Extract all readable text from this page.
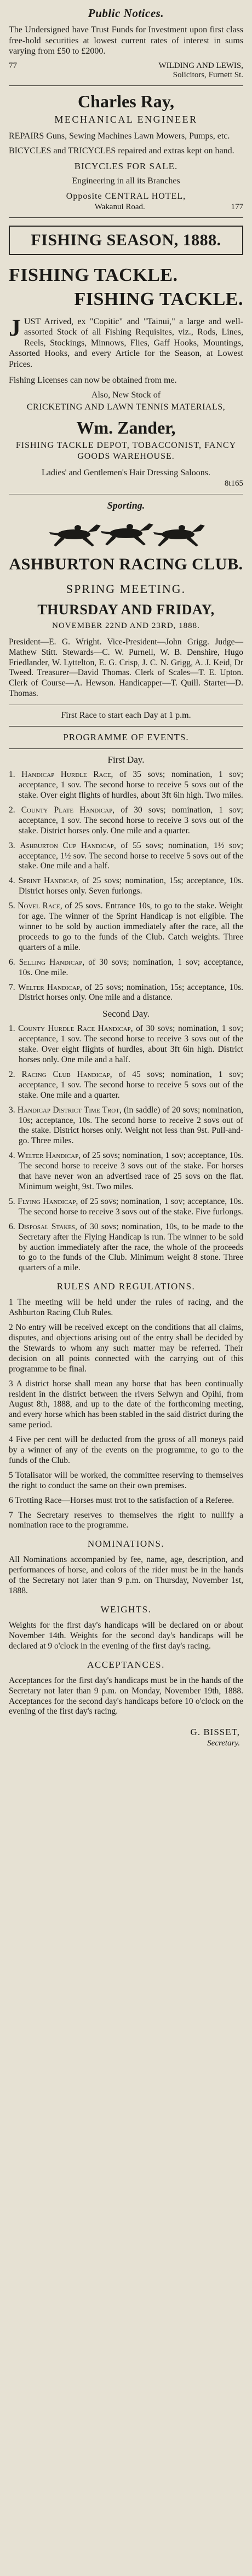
Public Notices.

The Undersigned have Trust Funds for Investment upon first class free-hold securities at lowest current rates of interest in sums varying from £50 to £2000.

77	WILDING AND LEWIS,
Solicitors, Furnett St.
Charles Ray,
MECHANICAL ENGINEER

REPAIRS Guns, Sewing Machines Lawn Mowers, Pumps, etc.

BICYCLES and TRICYCLES repaired and extras kept on hand.

BICYCLES FOR SALE.
Engineering in all its Branches
Opposite CENTRAL HOTEL,
Wakanui Road.	177
FISHING SEASON, 1888.
FISHING TACKLE.
FISHING TACKLE.

JUST Arrived, ex "Copitic" and "Tainui," a large and well-assorted Stock of all Fishing Requisites, viz., Rods, Lines, Reels, Stockings, Minnows, Flies, Gaff Hooks, Mountings, Assorted Hooks, and every Article for the Season, at Lowest Prices.

Fishing Licenses can now be obtained from me.

Also, New Stock of
CRICKETING AND LAWN TENNIS MATERIALS,
Wm. Zander,
FISHING TACKLE DEPOT, TOBACCONIST, FANCY GOODS WAREHOUSE.
Ladies' and Gentlemen's Hair Dressing Saloons.
8t165
Sporting.
ASHBURTON RACING CLUB.
SPRING MEETING.
THURSDAY AND FRIDAY,
NOVEMBER 22ND AND 23RD, 1888.

President—E. G. Wright. Vice-President—John Grigg. Judge—Mathew Stitt. Stewards—C. W. Purnell, W. B. Denshire, Hugo Friedlander, W. Lyttelton, E. G. Crisp, J. C. N. Grigg, A. J. Keid, Dr Tweed. Treasurer—David Thomas. Clerk of Scales—T. E. Upton. Clerk of Course—A. Hewson. Handicapper—T. Quill. Starter—D. Thomas.

First Race to start each Day at 1 p.m.
PROGRAMME OF EVENTS.
First Day.

1. Handicap Hurdle Race, of 35 sovs; nomination, 1 sov; acceptance, 1 sov. The second horse to receive 5 sovs out of the stake. Over eight flights of hurdles, about 3ft 6in high. Two miles.

2. County Plate Handicap, of 30 sovs; nomination, 1 sov; acceptance, 1 sov. The second horse to receive 3 sovs out of the stake. District horses only. One mile and a quarter.

3. Ashburton Cup Handicap, of 55 sovs; nomination, 1½ sov; acceptance, 1½ sov. The second horse to receive 5 sovs out of the stake. One mile and a half.

4. Sprint Handicap, of 25 sovs; nomination, 15s; acceptance, 10s. District horses only. Seven furlongs.

5. Novel Race, of 25 sovs. Entrance 10s, to go to the stake. Weight for age. The winner of the Sprint Handicap is not eligible. The winner to be sold by auction immediately after the race, all the proceeds to go to the funds of the Club. Catch weights. Three quarters of a mile.

6. Selling Handicap, of 30 sovs; nomination, 1 sov; acceptance, 10s. One mile.

7. Welter Handicap, of 25 sovs; nomination, 15s; acceptance, 10s. District horses only. One mile and a distance.

Second Day.

1. County Hurdle Race Handicap, of 30 sovs; nomination, 1 sov; acceptance, 1 sov. The second horse to receive 3 sovs out of the stake. Over eight flights of hurdles, about 3ft 6in high. District horses only. One mile and a half.

2. Racing Club Handicap, of 45 sovs; nomination, 1 sov; acceptance, 1 sov. The second horse to receive 5 sovs out of the stake. One mile and a quarter.

3. Handicap District Time Trot, (in saddle) of 20 sovs; nomination, 10s; acceptance, 10s. The second horse to receive 2 sovs out of the stake. District horses only. Weight not less than 9st. Pull-and-go. Three miles.

4. Welter Handicap, of 25 sovs; nomination, 1 sov; acceptance, 10s. The second horse to receive 3 sovs out of the stake. For horses that have never won an advertised race of 25 sovs on the flat. Minimum weight, 9st. Two miles.

5. Flying Handicap, of 25 sovs; nomination, 1 sov; acceptance, 10s. The second horse to receive 3 sovs out of the stake. Five furlongs.

6. Disposal Stakes, of 30 sovs; nomination, 10s, to be made to the Secretary after the Flying Handicap is run. The winner to be sold by auction immediately after the race, the whole of the proceeds to go to the funds of the Club. Minimum weight 8 stone. Three quarters of a mile.

RULES AND REGULATIONS.

1 The meeting will be held under the rules of racing, and the Ashburton Racing Club Rules.

2 No entry will be received except on the conditions that all claims, disputes, and objections arising out of the entry shall be decided by the Stewards to whom any such matter may be referred. Their decision on all points connected with the carrying out of this programme to be final.

3 A district horse shall mean any horse that has been continually resident in the district between the rivers Selwyn and Opihi, from August 8th, 1888, and up to the date of the forthcoming meeting, and every horse which has been stabled in the said district during the same period.

4 Five per cent will be deducted from the gross of all moneys paid by a winner of any of the events on the programme, to go to the funds of the Club.

5 Totalisator will be worked, the committee reserving to themselves the right to conduct the same on their own premises.

6 Trotting Race—Horses must trot to the satisfaction of a Referee.

7 The Secretary reserves to themselves the right to nullify a nomination race to the programme.

NOMINATIONS.

All Nominations accompanied by fee, name, age, description, and performances of horse, and colors of the rider must be in the hands of the Secretary not later than 9 p.m. on Thursday, November 1st, 1888.

WEIGHTS.

Weights for the first day's handicaps will be declared on or about November 14th. Weights for the second day's handicaps will be declared at 9 o'clock in the evening of the first day's racing.

ACCEPTANCES.

Acceptances for the first day's handicaps must be in the hands of the Secretary not later than 9 p.m. on Monday, November 19th, 1888. Acceptances for the second day's handicaps before 10 o'clock on the evening of the first day's racing.

G. BISSET,
Secretary.
